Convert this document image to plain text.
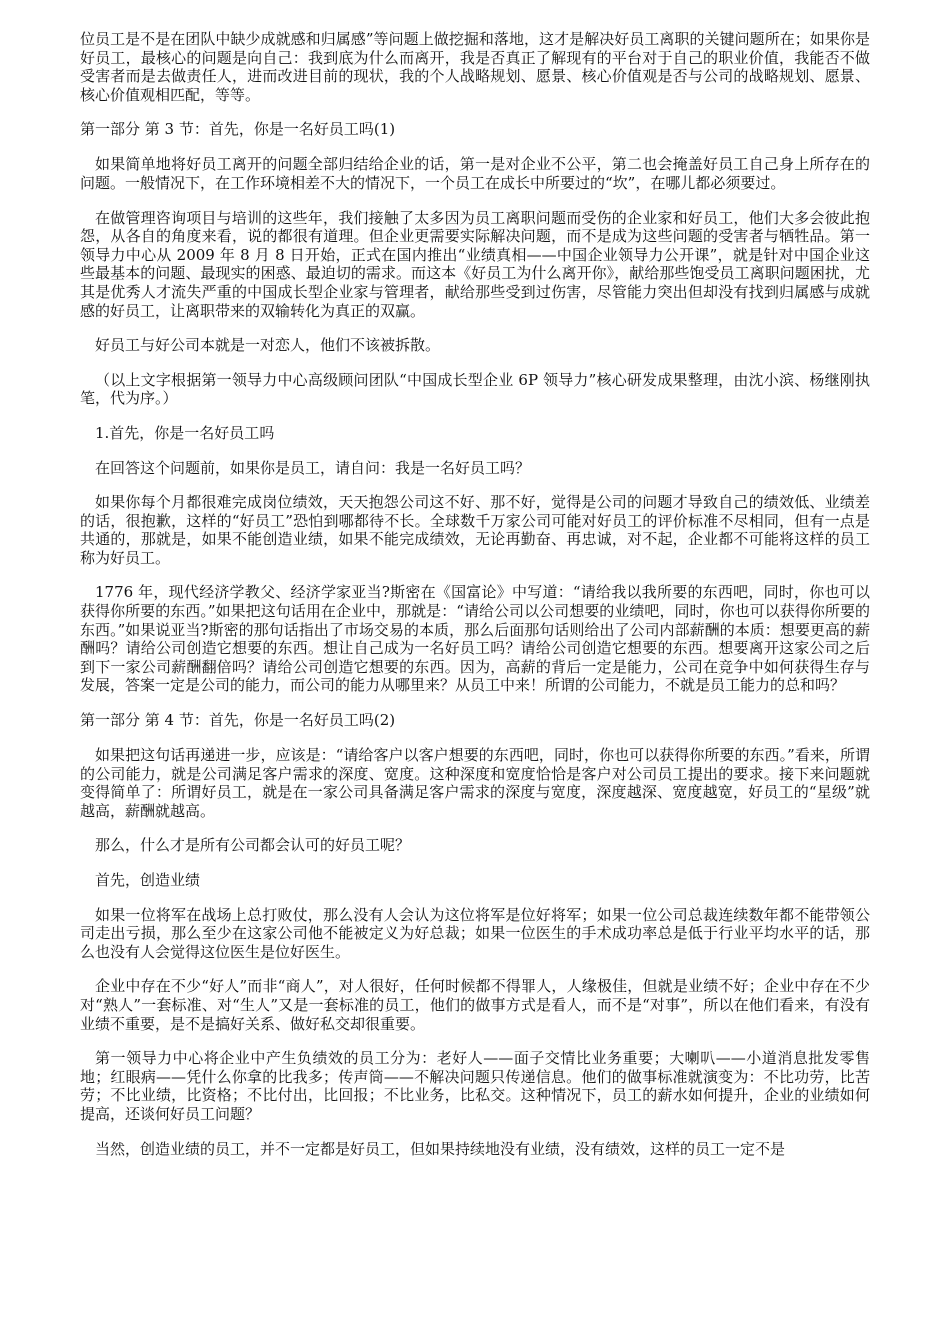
位员工是不是在团队中缺少成就感和归属感”等问题上做挖掘和落地，这才是解决好员工离职的关键问题所在；如果你是好员工，最核心的问题是向自己：我到底为什么而离开，我是否真正了解现有的平台对于自己的职业价值，我能否不做受害者而是去做责任人，进而改进目前的现状，我的个人战略规划、愿景、核心价值观是否与公司的战略规划、愿景、核心价值观相匹配，等等。

第一部分 第 3 节：首先，你是一名好员工吗(1)

如果简单地将好员工离开的问题全部归结给企业的话，第一是对企业不公平，第二也会掩盖好员工自己身上所存在的问题。一般情况下，在工作环境相差不大的情况下，一个员工在成长中所要过的“坎”，在哪儿都必须要过。

在做管理咨询项目与培训的这些年，我们接触了太多因为员工离职问题而受伤的企业家和好员工，他们大多会彼此抱怨，从各自的角度来看，说的都很有道理。但企业更需要实际解决问题，而不是成为这些问题的受害者与牺牲品。第一领导力中心从 2009 年 8 月 8 日开始，正式在国内推出“业绩真相——中国企业领导力公开课”，就是针对中国企业这些最基本的问题、最现实的困惑、最迫切的需求。而这本《好员工为什么离开你》，献给那些饱受员工离职问题困扰，尤其是优秀人才流失严重的中国成长型企业家与管理者，献给那些受到过伤害，尽管能力突出但却没有找到归属感与成就感的好员工，让离职带来的双输转化为真正的双赢。

好员工与好公司本就是一对恋人，他们不该被拆散。

（以上文字根据第一领导力中心高级顾问团队“中国成长型企业 6P 领导力”核心研发成果整理，由沈小滨、杨继刚执笔，代为序。）

1.首先，你是一名好员工吗

在回答这个问题前，如果你是员工，请自问：我是一名好员工吗？

如果你每个月都很难完成岗位绩效，天天抱怨公司这不好、那不好，觉得是公司的问题才导致自己的绩效低、业绩差的话，很抱歉，这样的“好员工”恐怕到哪都待不长。全球数千万家公司可能对好员工的评价标准不尽相同，但有一点是共通的，那就是，如果不能创造业绩，如果不能完成绩效，无论再勤奋、再忠诚，对不起，企业都不可能将这样的员工称为好员工。

1776 年，现代经济学教父、经济学家亚当?斯密在《国富论》中写道：“请给我以我所要的东西吧，同时，你也可以获得你所要的东西。”如果把这句话用在企业中，那就是：“请给公司以公司想要的业绩吧，同时，你也可以获得你所要的东西。”如果说亚当?斯密的那句话指出了市场交易的本质，那么后面那句话则给出了公司内部薪酬的本质：想要更高的薪酬吗？请给公司创造它想要的东西。想让自己成为一名好员工吗？请给公司创造它想要的东西。想要离开这家公司之后到下一家公司薪酬翻倍吗？请给公司创造它想要的东西。因为，高薪的背后一定是能力，公司在竞争中如何获得生存与发展，答案一定是公司的能力，而公司的能力从哪里来？从员工中来！所谓的公司能力，不就是员工能力的总和吗？

第一部分 第 4 节：首先，你是一名好员工吗(2)

如果把这句话再递进一步，应该是：“请给客户以客户想要的东西吧，同时，你也可以获得你所要的东西。”看来，所谓的公司能力，就是公司满足客户需求的深度、宽度。这种深度和宽度恰恰是客户对公司员工提出的要求。接下来问题就变得简单了：所谓好员工，就是在一家公司具备满足客户需求的深度与宽度，深度越深、宽度越宽，好员工的“星级”就越高，薪酬就越高。

那么，什么才是所有公司都会认可的好员工呢？

首先，创造业绩

如果一位将军在战场上总打败仗，那么没有人会认为这位将军是位好将军；如果一位公司总裁连续数年都不能带领公司走出亏损，那么至少在这家公司他不能被定义为好总裁；如果一位医生的手术成功率总是低于行业平均水平的话，那么也没有人会觉得这位医生是位好医生。

企业中存在不少“好人”而非“商人”，对人很好，任何时候都不得罪人，人缘极佳，但就是业绩不好；企业中存在不少对“熟人”一套标准、对“生人”又是一套标准的员工，他们的做事方式是看人，而不是“对事”，所以在他们看来，有没有业绩不重要，是不是搞好关系、做好私交却很重要。

第一领导力中心将企业中产生负绩效的员工分为：老好人——面子交情比业务重要；大喇叭——小道消息批发零售地；红眼病——凭什么你拿的比我多；传声筒——不解决问题只传递信息。他们的做事标准就演变为：不比功劳，比苦劳；不比业绩，比资格；不比付出，比回报；不比业务，比私交。这种情况下，员工的薪水如何提升，企业的业绩如何提高，还谈何好员工问题？

当然，创造业绩的员工，并不一定都是好员工，但如果持续地没有业绩，没有绩效，这样的员工一定不是
